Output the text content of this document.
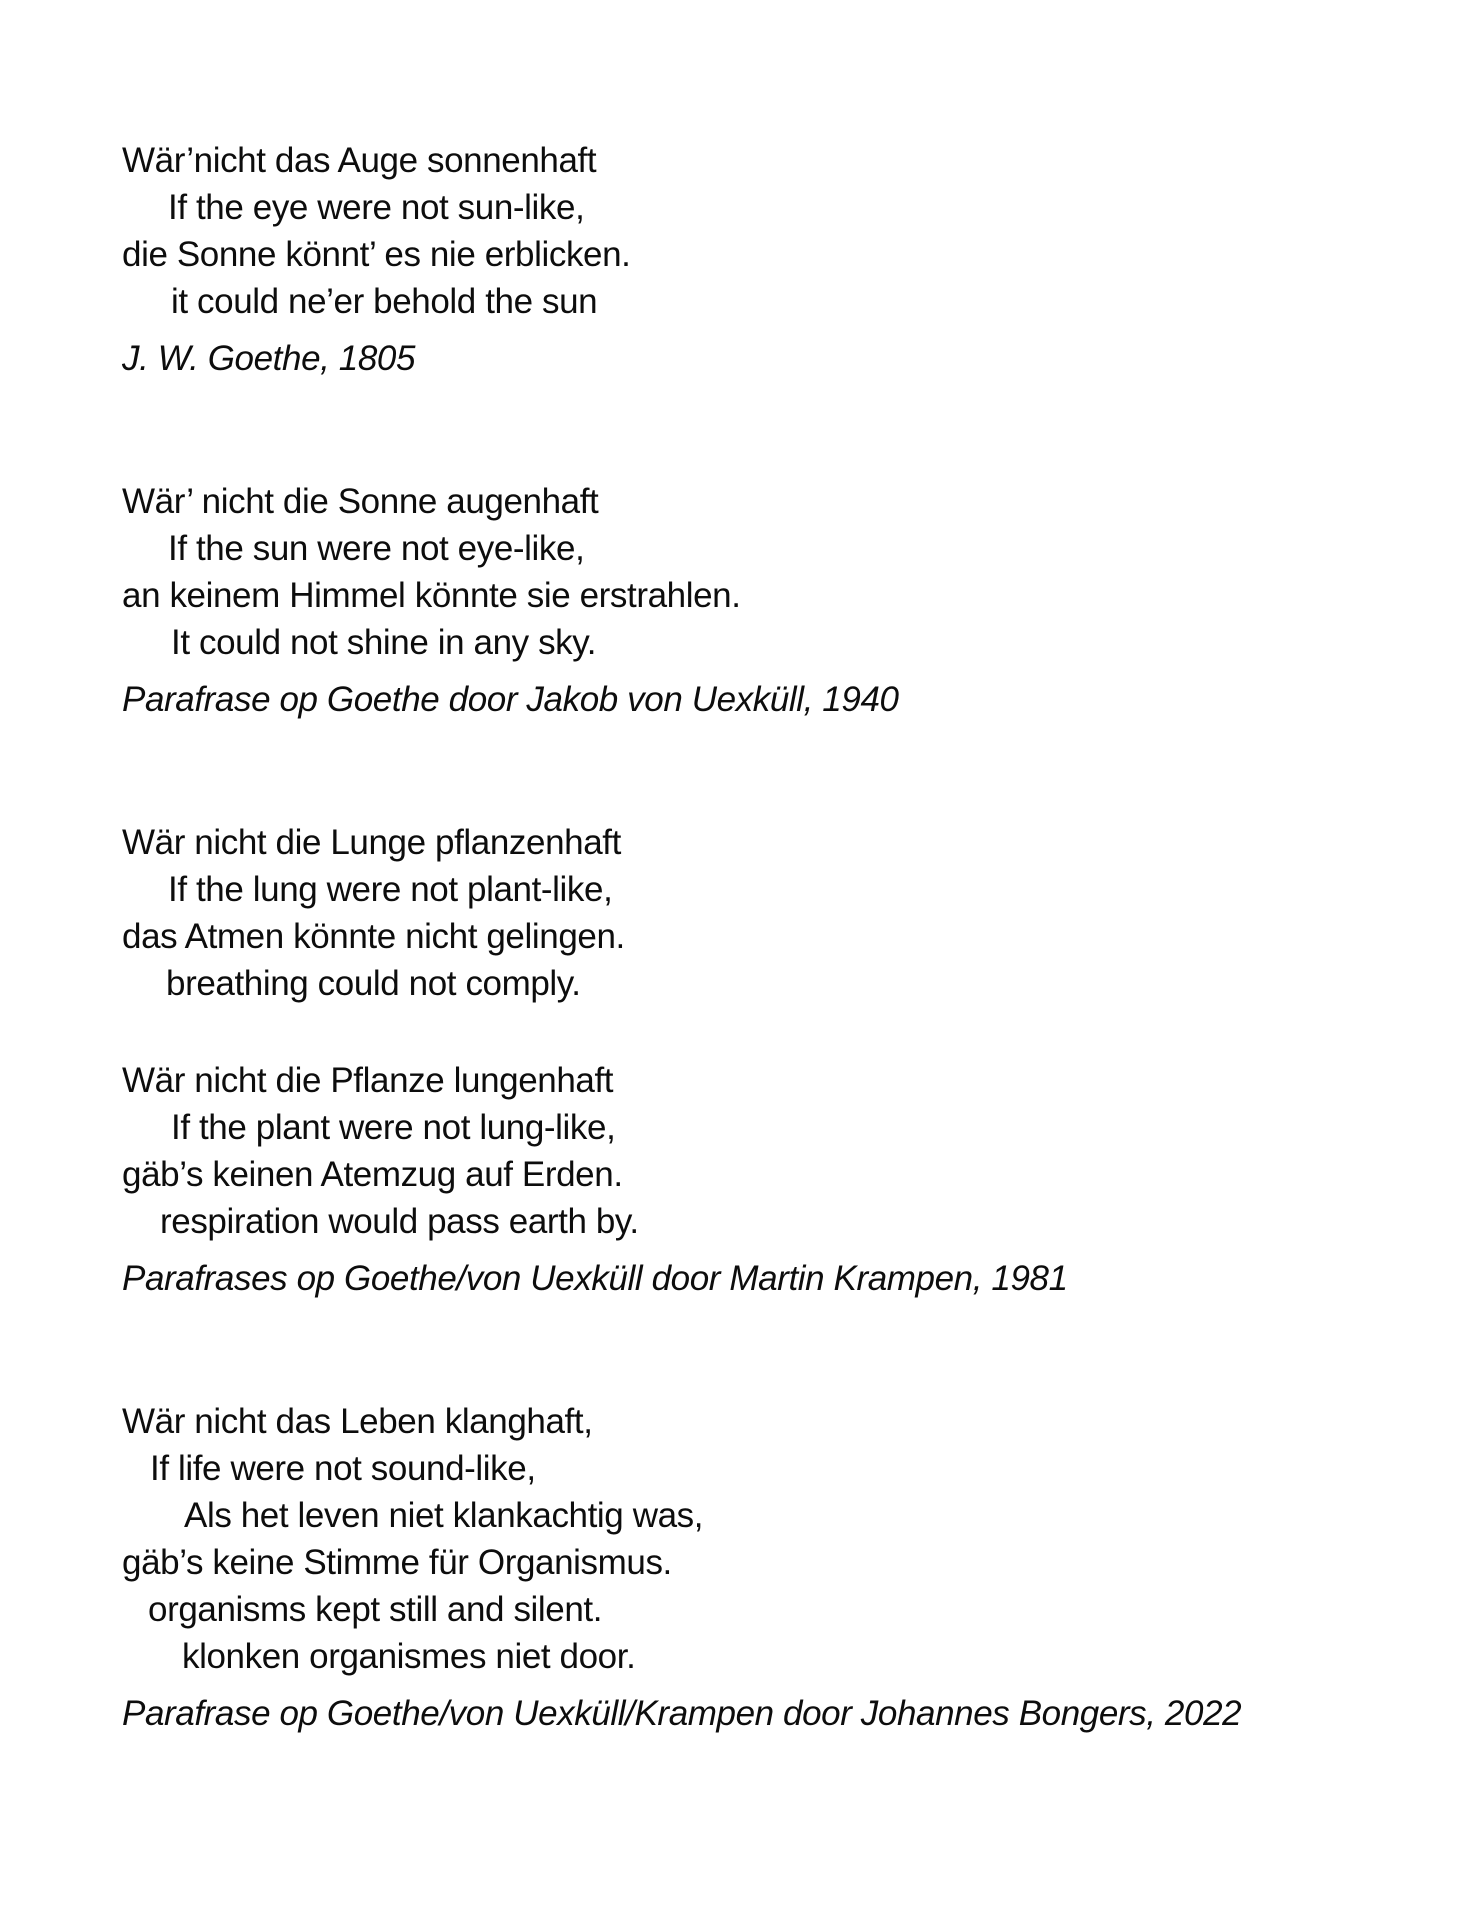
Wär’nicht das Auge sonnenhaft

If the eye were not sun-like,

die Sonne könnt’ es nie erblicken.

it could ne’er behold the sun

J. W. Goethe, 1805

Wär’ nicht die Sonne augenhaft

If the sun were not eye-like,

an keinem Himmel könnte sie erstrahlen.

It could not shine in any sky.

Parafrase op Goethe door Jakob von Uexküll, 1940

Wär nicht die Lunge pflanzenhaft

If the lung were not plant-like,

das Atmen könnte nicht gelingen.

breathing could not comply.

Wär nicht die Pflanze lungenhaft

If the plant were not lung-like,

gäb’s keinen Atemzug auf Erden.

respiration would pass earth by.

Parafrases op Goethe/von Uexküll door Martin Krampen, 1981

Wär nicht das Leben klanghaft,

If life were not sound-like,

Als het leven niet klankachtig was,

gäb’s keine Stimme für Organismus.

organisms kept still and silent.

klonken organismes niet door.

Parafrase op Goethe/von Uexküll/Krampen door Johannes Bongers, 2022
